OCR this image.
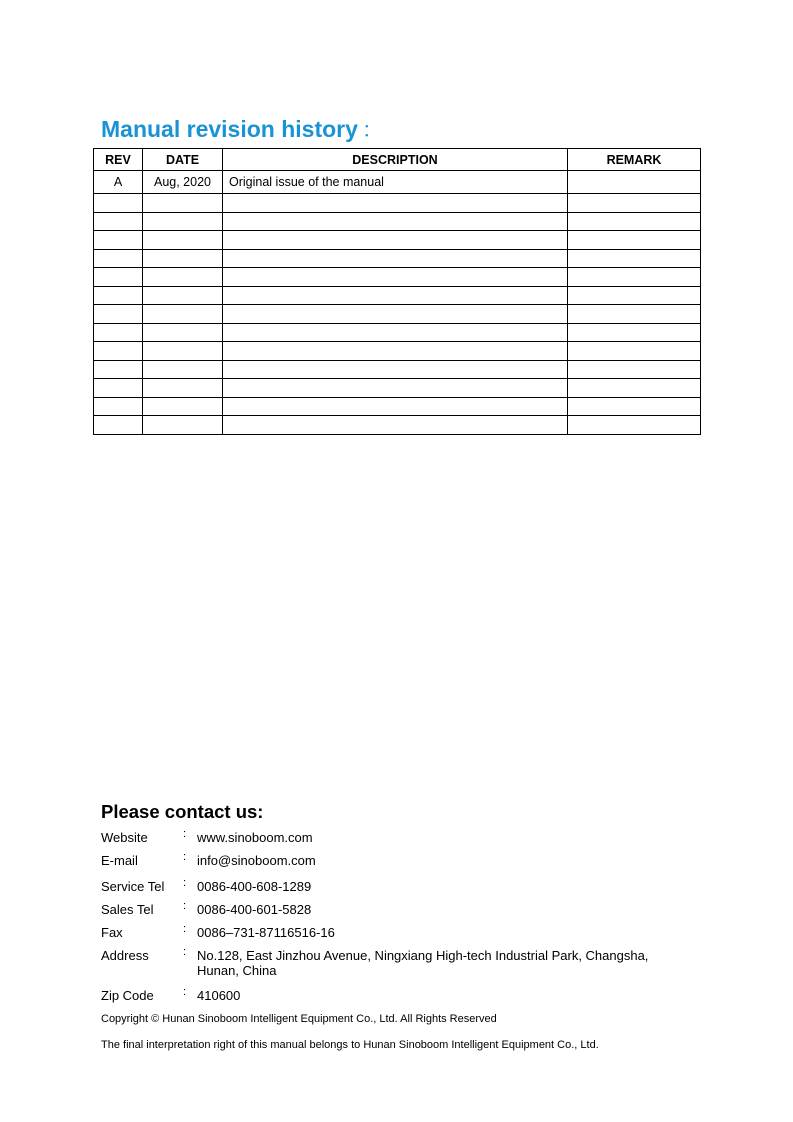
Manual revision history ：
REV	DATE	DESCRIPTION	REMARK
A	Aug, 2020	Original issue of the manual	

Please contact us:
Website	: www.sinoboom.com
E-mail	: info@sinoboom.com
Service Tel	: 0086-400-608-1289
Sales Tel	: 0086-400-601-5828
Fax	: 0086–731-87116516-16
Address	: No.128, East Jinzhou Avenue, Ningxiang High-tech Industrial Park, Changsha, Hunan, China
Zip Code	: 410600
Copyright © Hunan Sinoboom Intelligent Equipment Co., Ltd. All Rights Reserved
The final interpretation right of this manual belongs to Hunan Sinoboom Intelligent Equipment Co., Ltd.
